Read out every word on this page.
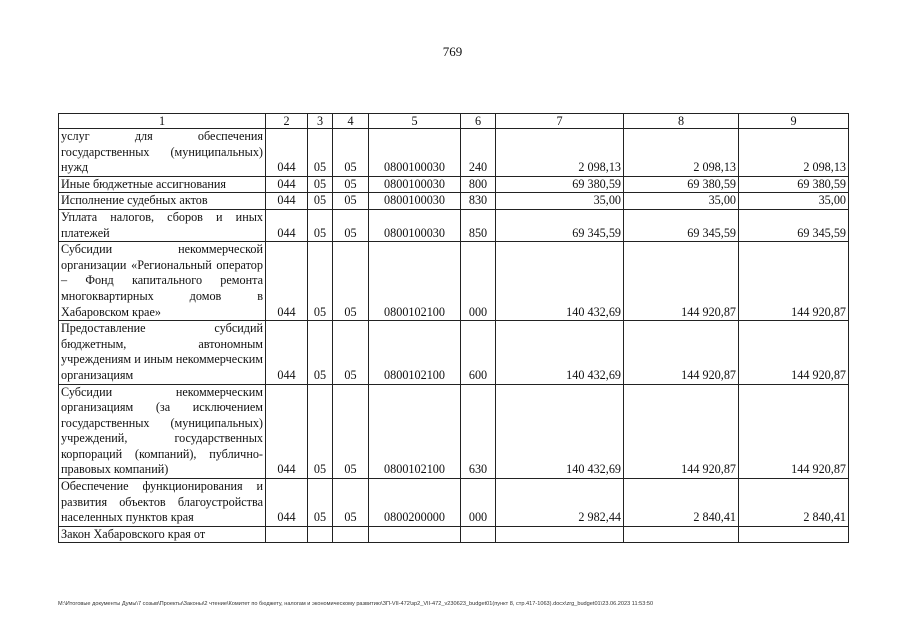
769
1	2	3	4	5	6	7	8	9
услуг для обеспечения государственных (муниципальных) нужд	044	05	05	0800100030	240	2 098,13	2 098,13	2 098,13
Иные бюджетные ассигнования	044	05	05	0800100030	800	69 380,59	69 380,59	69 380,59
Исполнение судебных актов	044	05	05	0800100030	830	35,00	35,00	35,00
Уплата налогов, сборов и иных платежей	044	05	05	0800100030	850	69 345,59	69 345,59	69 345,59
Субсидии некоммерческой организации «Региональный оператор – Фонд капитального ремонта многоквартирных домов в Хабаровском крае»	044	05	05	0800102100	000	140 432,69	144 920,87	144 920,87
Предоставление субсидий бюджетным, автономным учреждениям и иным некоммерческим организациям	044	05	05	0800102100	600	140 432,69	144 920,87	144 920,87
Субсидии некоммерческим организациям (за исключением государственных (муниципальных) учреждений, государственных корпораций (компаний), публично-правовых компаний)	044	05	05	0800102100	630	140 432,69	144 920,87	144 920,87
Обеспечение функционирования и развития объектов благоустройства населенных пунктов края	044	05	05	0800200000	000	2 982,44	2 840,41	2 840,41
Закон Хабаровского края от								
M:\Итоговые документы Думы\7 созыв\Проекты\Законы\2 чтение\Комитет по бюджету, налогам и экономическому развитию\ЗП-VII-472\зр2_VII-472_v230623_budget01(пункт 8, стр.417-1063).docx\zrg_budget01\23.06.2023 11:53:50
